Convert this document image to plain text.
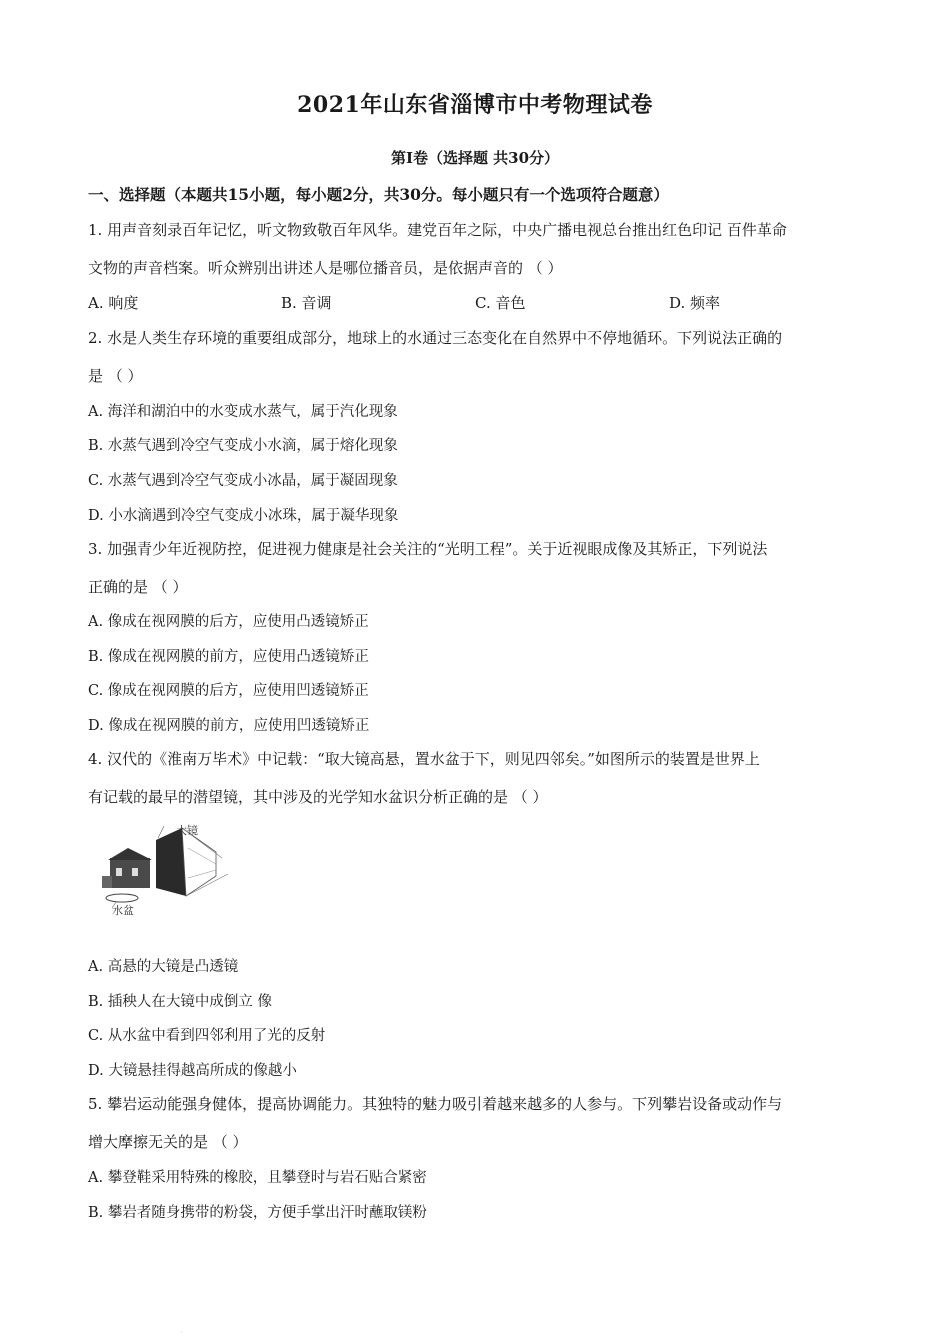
2021年山东省淄博市中考物理试卷
第I卷（选择题 共30分）
一、选择题（本题共15小题，每小题2分，共30分。每小题只有一个选项符合题意）
1. 用声音刻录百年记忆，听文物致敬百年风华。建党百年之际，中央广播电视总台推出红色印记 百件革命
文物的声音档案。听众辨别出讲述人是哪位播音员，是依据声音的 （ ）
A. 响度	B. 音调	C. 音色	D. 频率
2. 水是人类生存环境的重要组成部分，地球上的水通过三态变化在自然界中不停地循环。下列说法正确的
是 （ ）
A. 海洋和湖泊中的水变成水蒸气，属于汽化现象
B. 水蒸气遇到冷空气变成小水滴，属于熔化现象
C. 水蒸气遇到冷空气变成小冰晶，属于凝固现象
D. 小水滴遇到冷空气变成小冰珠，属于凝华现象
3. 加强青少年近视防控，促进视力健康是社会关注的“光明工程”。关于近视眼成像及其矫正，下列说法
正确的是 （ ）
A. 像成在视网膜的后方，应使用凸透镜矫正
B. 像成在视网膜的前方，应使用凸透镜矫正
C. 像成在视网膜的后方，应使用凹透镜矫正
D. 像成在视网膜的前方，应使用凹透镜矫正
4. 汉代的《淮南万毕术》中记载：“取大镜高悬，置水盆于下，则见四邻矣。”如图所示的装置是世界上
有记载的最早的潜望镜，其中涉及的光学知水盆识分析正确的是 （ ）
大镜
水盆
A. 高悬的大镜是凸透镜
B. 插秧人在大镜中成倒立 像
C. 从水盆中看到四邻利用了光的反射
D. 大镜悬挂得越高所成的像越小
5. 攀岩运动能强身健体，提高协调能力。其独特的魅力吸引着越来越多的人参与。下列攀岩设备或动作与
增大摩擦无关的是 （ ）
A. 攀登鞋采用特殊的橡胶，且攀登时与岩石贴合紧密
B. 攀岩者随身携带的粉袋，方便手掌出汗时蘸取镁粉
·
